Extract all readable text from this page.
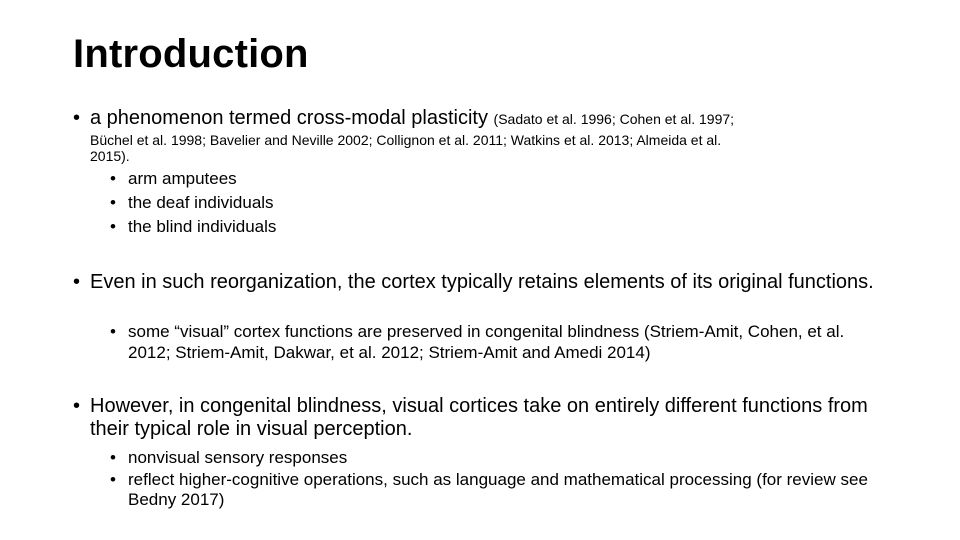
Introduction
• a phenomenon termed cross-modal plasticity (Sadato et al. 1996; Cohen et al. 1997;
Büchel et al. 1998; Bavelier and Neville 2002; Collignon et al. 2011; Watkins et al. 2013; Almeida et al.
2015).
• arm amputees
• the deaf individuals
• the blind individuals
• Even in such reorganization, the cortex typically retains elements of its original functions.
• some “visual” cortex functions are preserved in congenital blindness (Striem-Amit, Cohen, et al. 2012; Striem-Amit, Dakwar, et al. 2012; Striem-Amit and Amedi 2014)
• However, in congenital blindness, visual cortices take on entirely different functions from their typical role in visual perception.
• nonvisual sensory responses
• reflect higher-cognitive operations, such as language and mathematical processing (for review see Bedny 2017)
